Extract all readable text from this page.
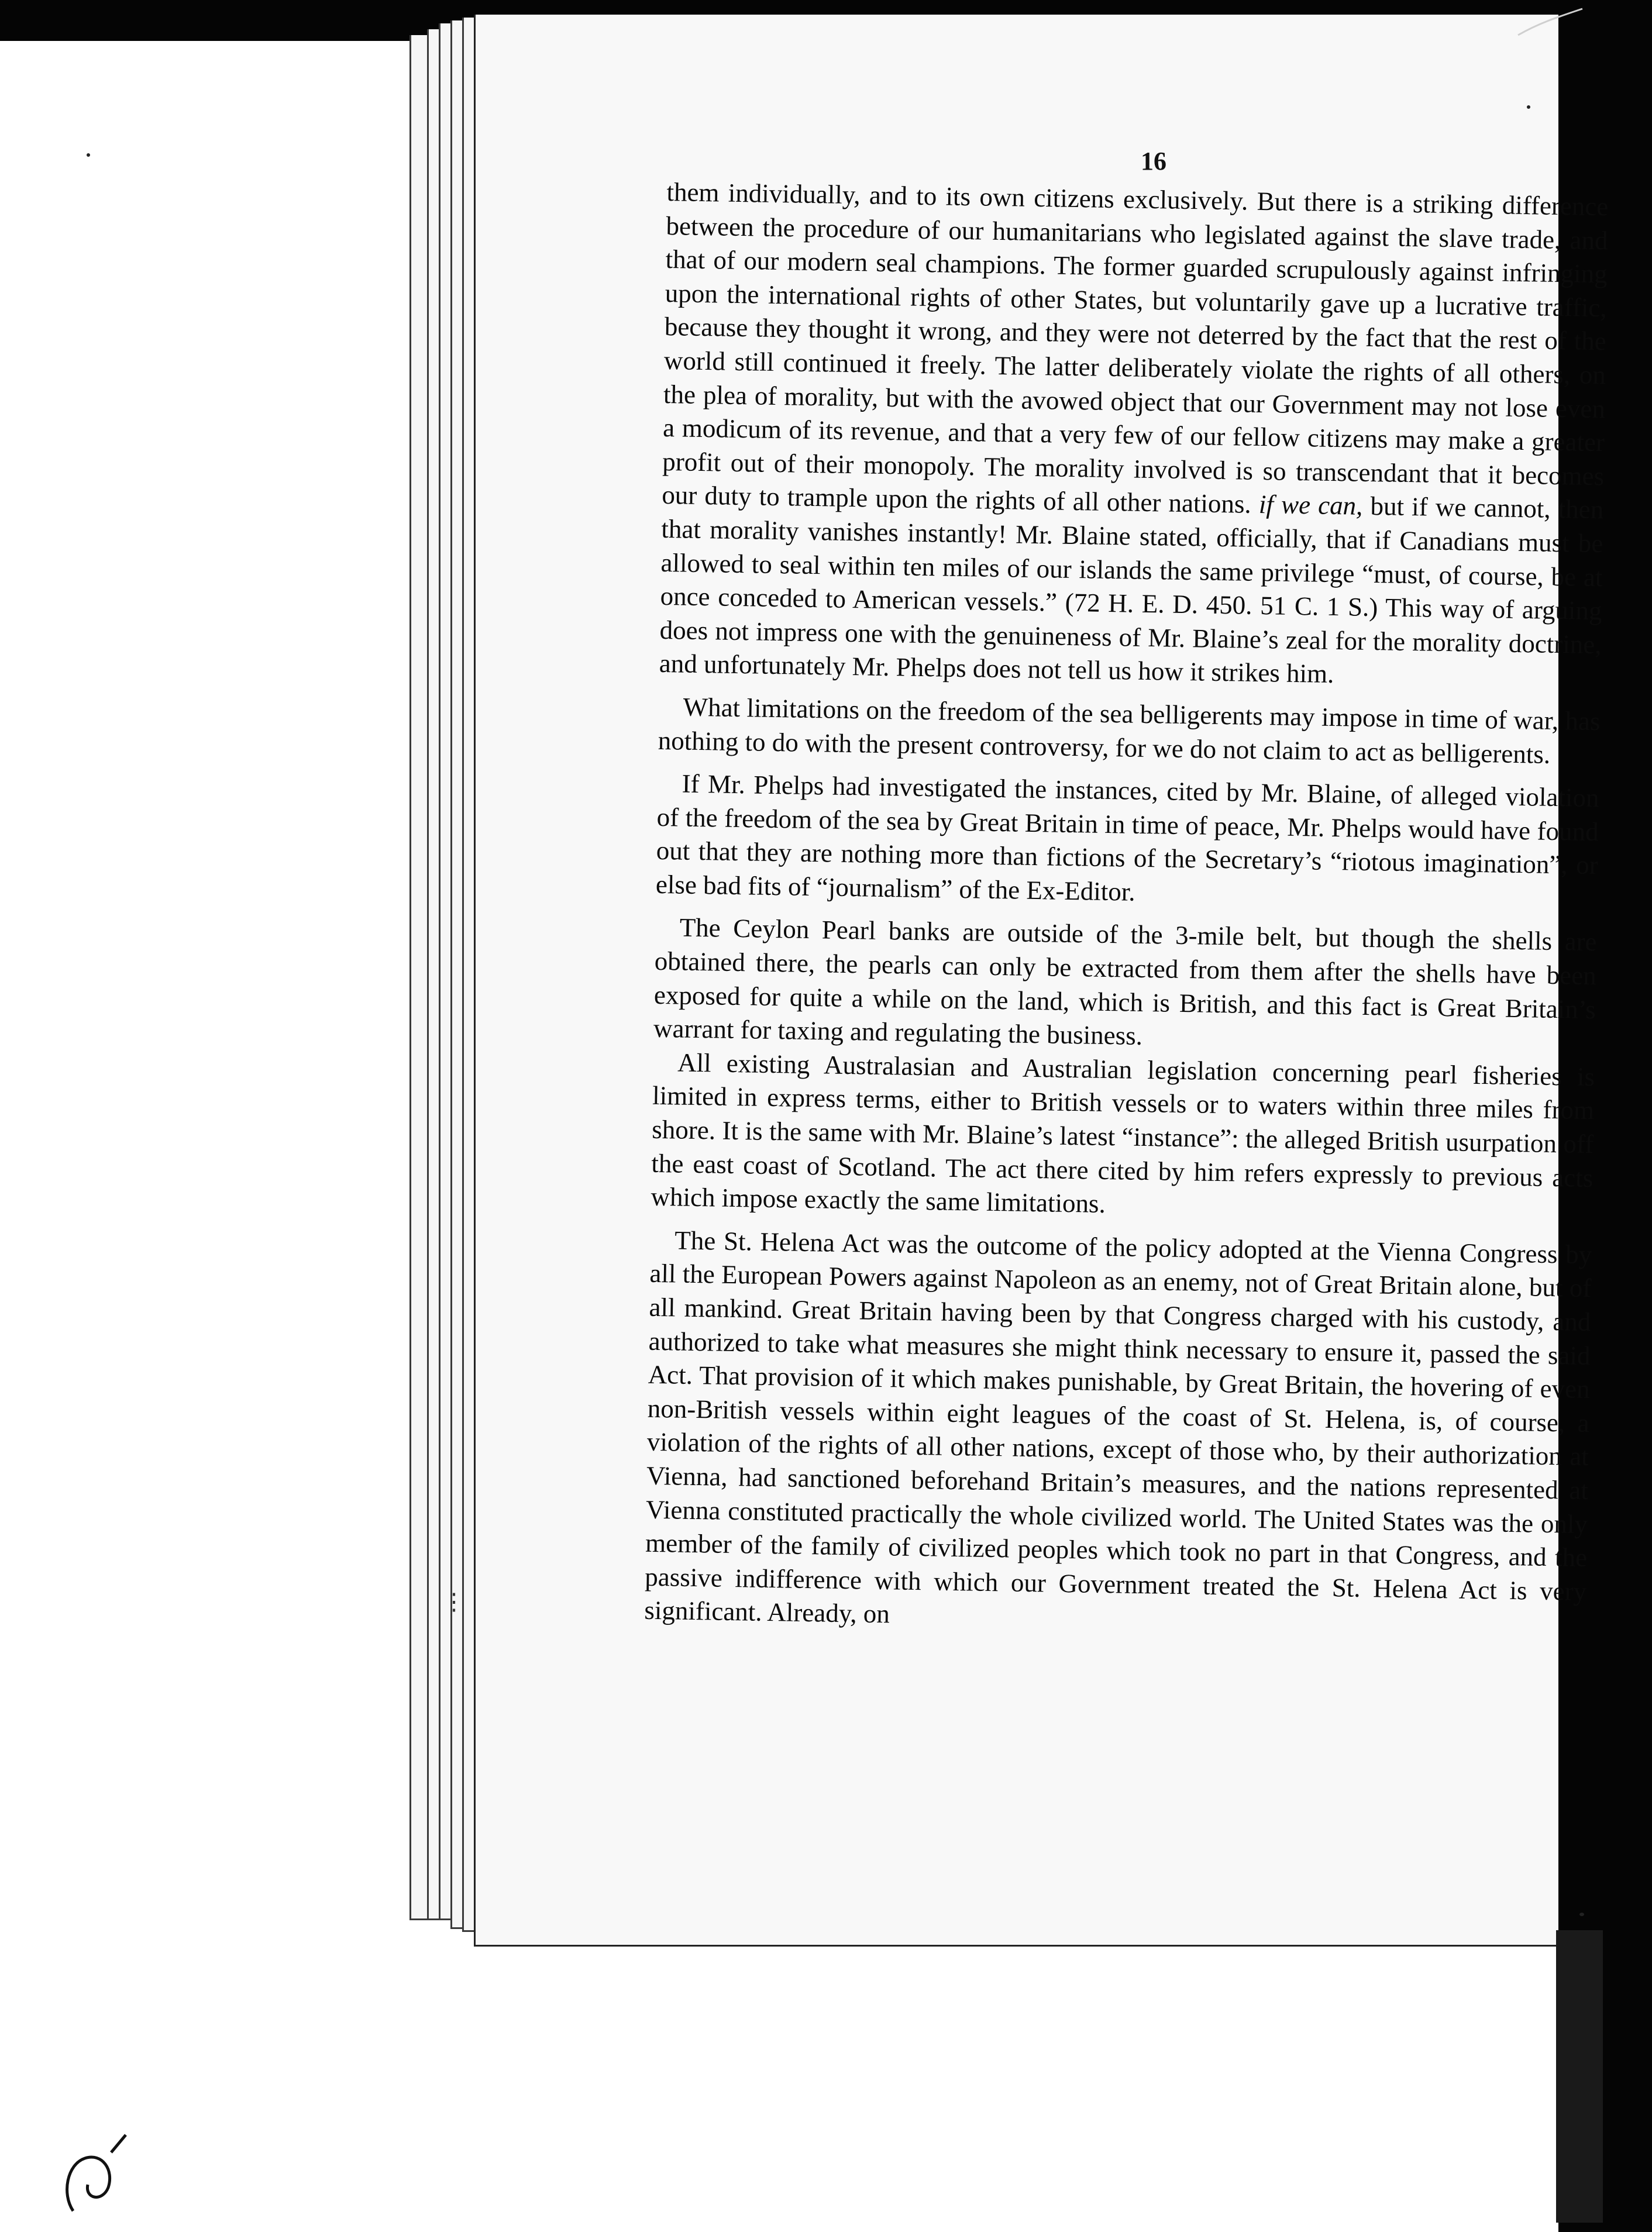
16

them individually, and to its own citizens exclusively. But there is a striking difference between the procedure of our humanitarians who legislated against the slave trade, and that of our modern seal champions. The former guarded scrupulously against infringing upon the international rights of other States, but voluntarily gave up a lucrative traffic, because they thought it wrong, and they were not deterred by the fact that the rest of the world still continued it freely. The latter deliberately violate the rights of all others, on the plea of morality, but with the avowed object that our Government may not lose even a modicum of its revenue, and that a very few of our fellow citizens may make a greater profit out of their monopoly. The morality involved is so transcendant that it becomes our duty to trample upon the rights of all other nations. if we can, but if we cannot, then that morality vanishes instantly! Mr. Blaine stated, officially, that if Canadians must be allowed to seal within ten miles of our islands the same privilege “must, of course, be at once conceded to American vessels.” (72 H. E. D. 450. 51 C. 1 S.) This way of arguing does not impress one with the genuineness of Mr. Blaine’s zeal for the morality doctrine, and unfortunately Mr. Phelps does not tell us how it strikes him.

What limitations on the freedom of the sea belligerents may impose in time of war, has nothing to do with the present controversy, for we do not claim to act as belligerents.

If Mr. Phelps had investigated the instances, cited by Mr. Blaine, of alleged violation of the freedom of the sea by Great Britain in time of peace, Mr. Phelps would have found out that they are nothing more than fictions of the Secretary’s “riotous imagination”, or else bad fits of “journalism” of the Ex-Editor.

The Ceylon Pearl banks are outside of the 3-mile belt, but though the shells are obtained there, the pearls can only be extracted from them after the shells have been exposed for quite a while on the land, which is British, and this fact is Great Britain’s warrant for taxing and regulating the business.

All existing Australasian and Australian legislation concerning pearl fisheries is limited in express terms, either to British vessels or to waters within three miles from shore. It is the same with Mr. Blaine’s latest “instance”: the alleged British usurpation off the east coast of Scotland. The act there cited by him refers expressly to previous acts which impose exactly the same limitations.

The St. Helena Act was the outcome of the policy adopted at the Vienna Congress by all the European Powers against Napoleon as an enemy, not of Great Britain alone, but of all mankind. Great Britain having been by that Congress charged with his custody, and authorized to take what measures she might think necessary to ensure it, passed the said Act. That provision of it which makes punishable, by Great Britain, the hovering of even non-British vessels within eight leagues of the coast of St. Helena, is, of course, a violation of the rights of all other nations, except of those who, by their authorization at Vienna, had sanctioned beforehand Britain’s measures, and the nations represented at Vienna constituted practically the whole civilized world. The United States was the only member of the family of civilized peoples which took no part in that Congress, and the passive indifference with which our Government treated the St. Helena Act is very significant. Already, on

⋮
